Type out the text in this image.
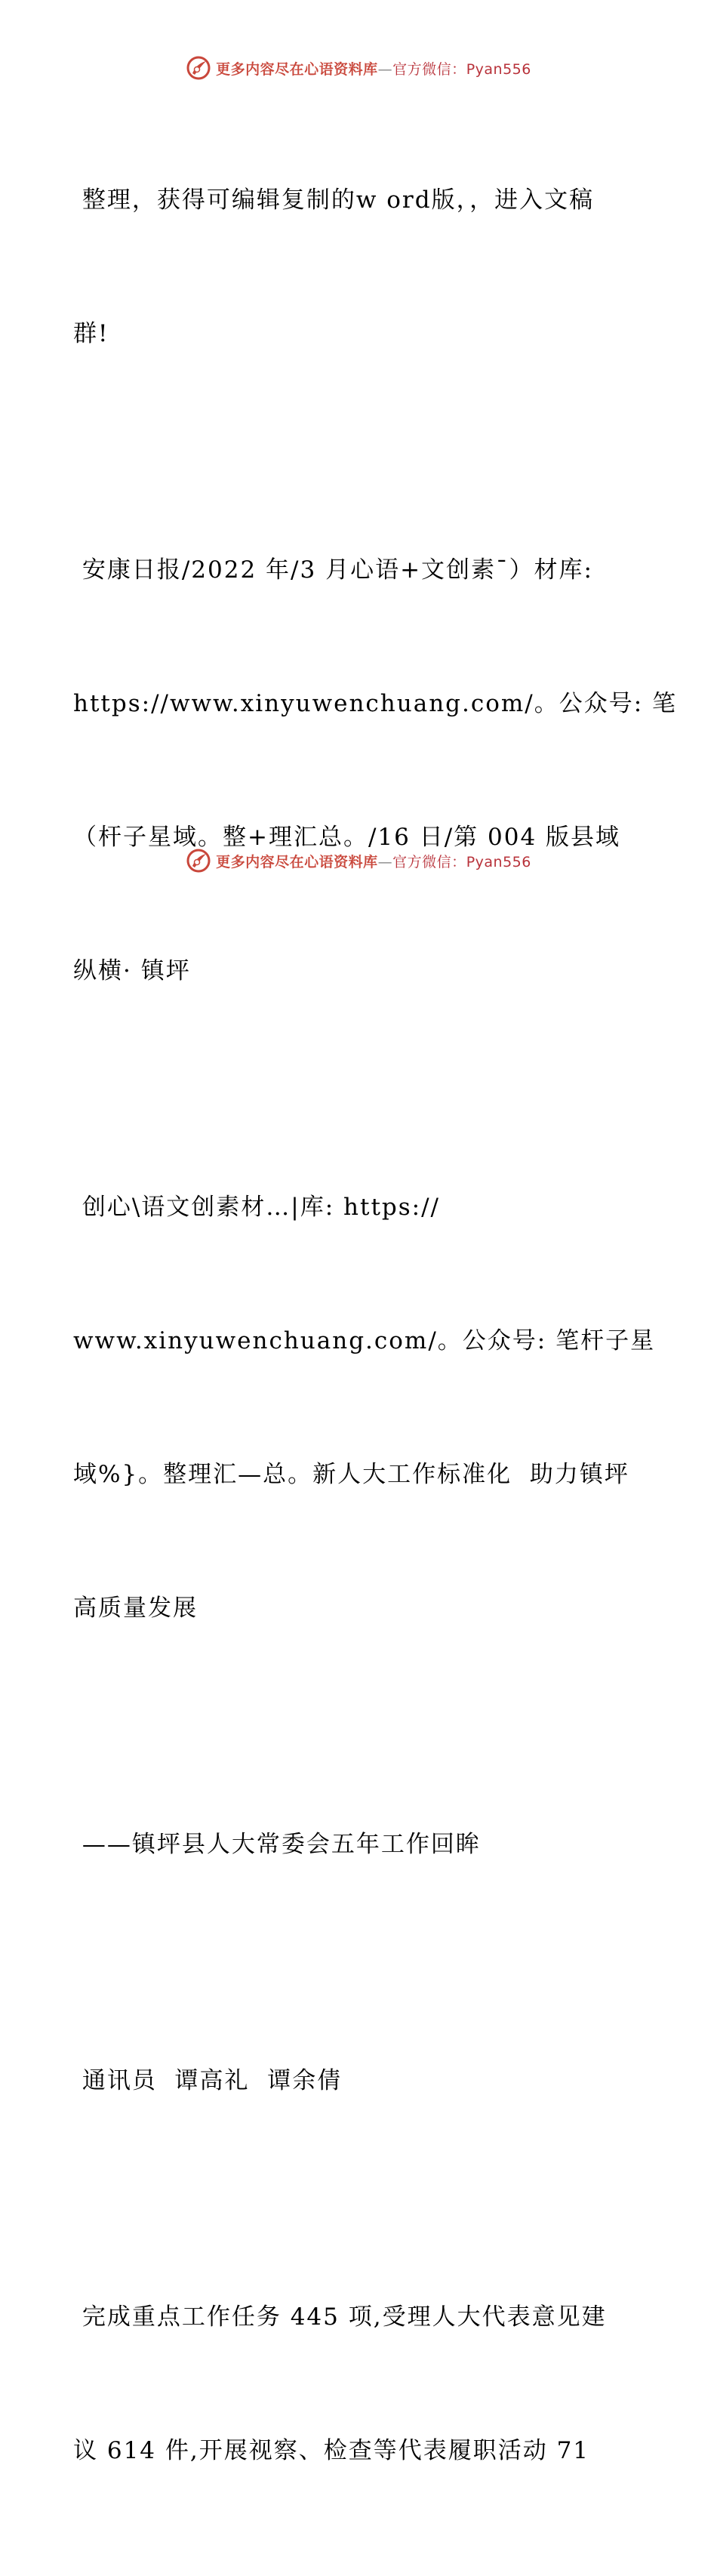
更多内容尽在心语资料库—官方微信：Pyan556

整理，获得可编辑复制的w ord版，，进入文稿

群!

安康日报/2022 年/3 月心语+文创素¯）材库:

https://www.xinyuwenchuang.com/。公众号: 笔

（杆子星域。整+理汇总。/16 日/第 004 版县域

纵横· 镇坪

创心\语文创素材…|库: https://

www.xinyuwenchuang.com/。公众号: 笔杆子星

域%}。整理汇—总。新人大工作标准化  助力镇坪

高质量发展

——镇坪县人大常委会五年工作回眸

通讯员  谭高礼  谭余倩

完成重点工作任务 445 项,受理人大代表意见建

议 614 件,开展视察、检查等代表履职活动 71

更多内容尽在心语资料库—官方微信：Pyan556
